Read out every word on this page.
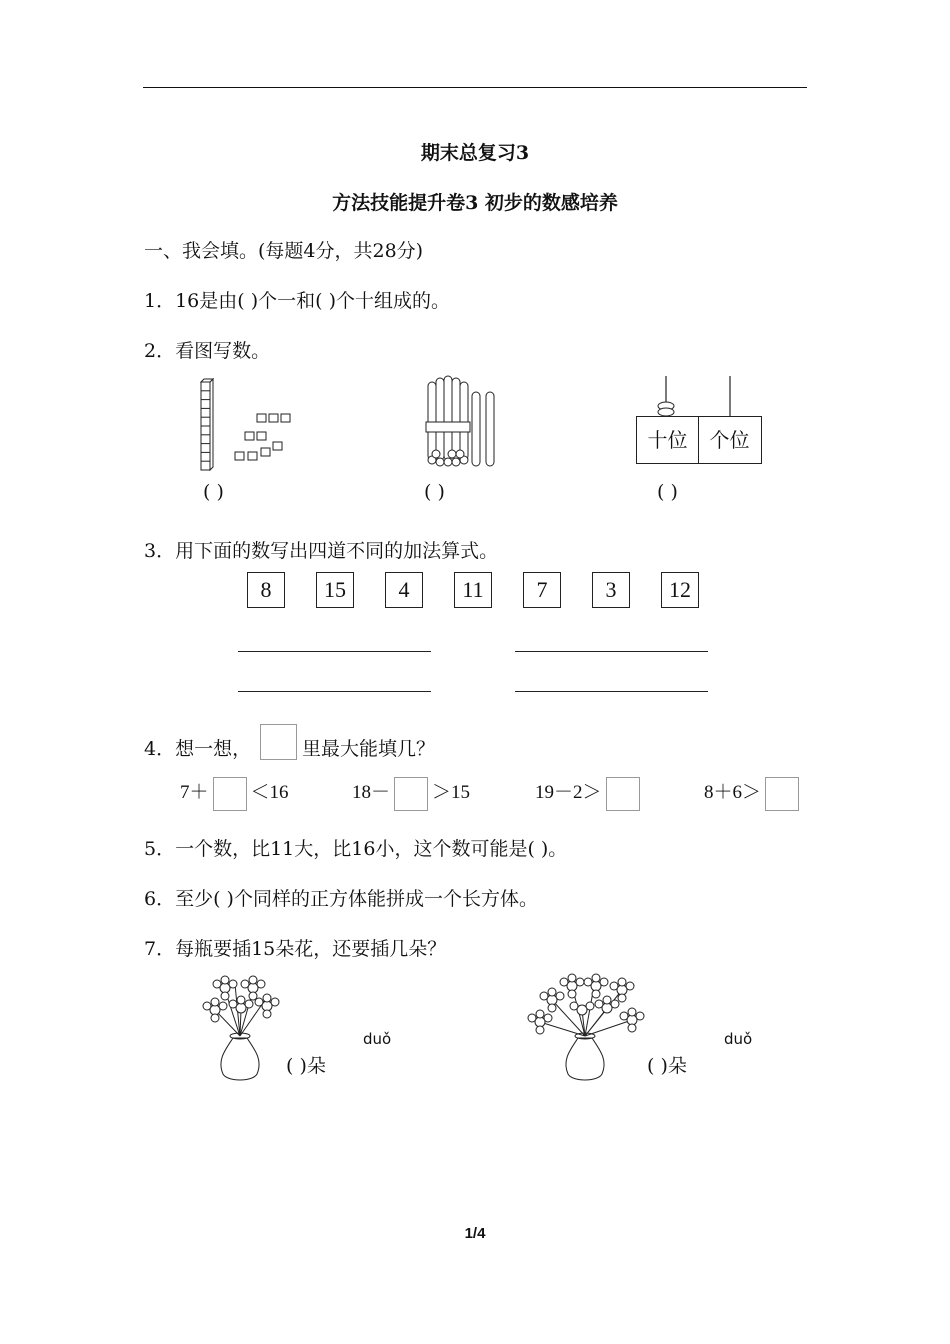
期末总复习3
方法技能提升卷3 初步的数感培养
一、我会填。(每题4分，共28分)
1．16是由( )个一和( )个十组成的。
2．看图写数。
( )	( )
十位	个位
( )
3．用下面的数写出四道不同的加法算式。
8	15	4	11	7	3	12
4．想一想，	里最大能填几？
7＋ ＜16	18－ ＞15	19－2＞	8＋6＞
5．一个数，比11大，比16小，这个数可能是( )。
6．至少( )个同样的正方体能拼成一个长方体。
7．每瓶要插15朵花，还要插几朵？
duǒ
( )朵
duǒ
( )朵
1/4
